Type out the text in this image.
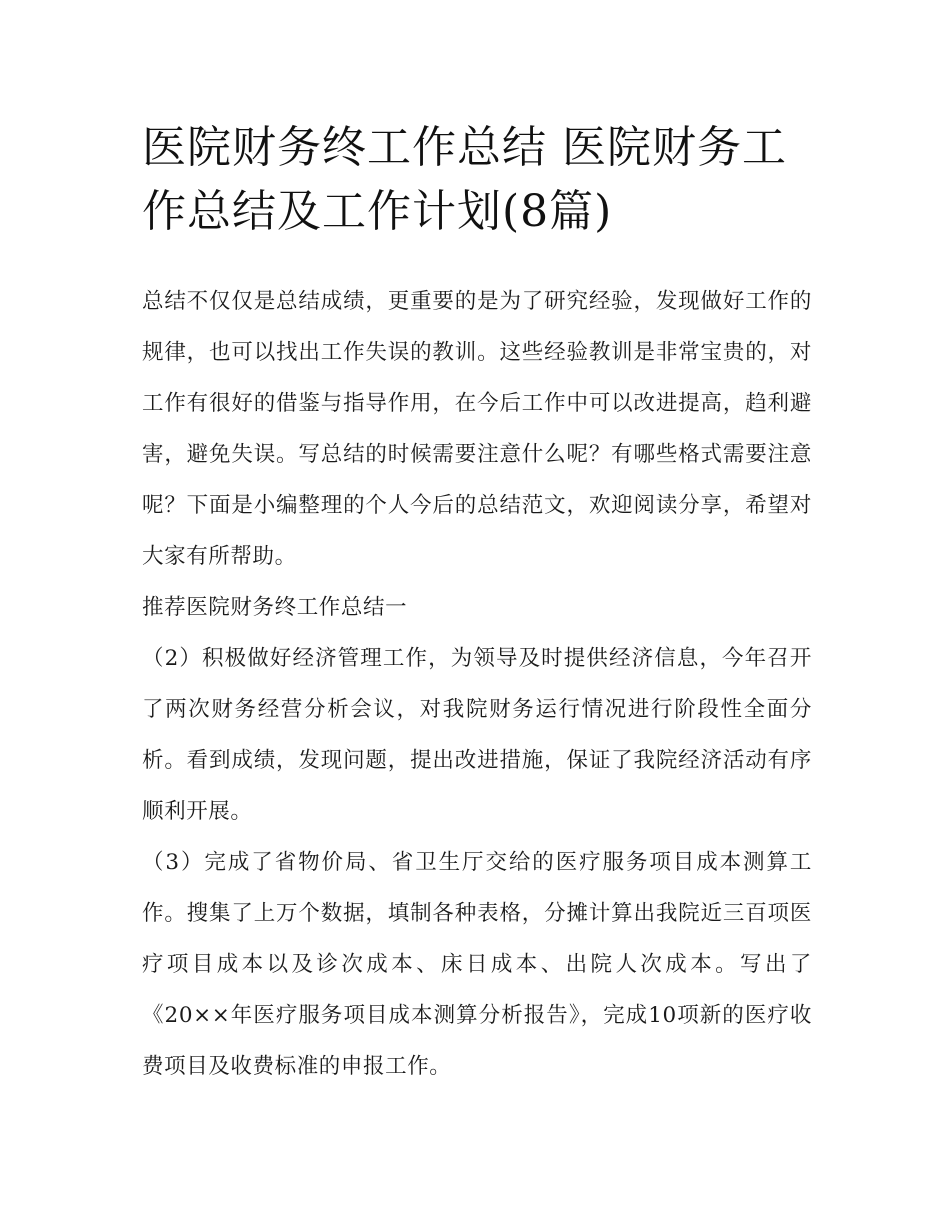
医院财务终工作总结 医院财务工作总结及工作计划(8篇)

总结不仅仅是总结成绩，更重要的是为了研究经验，发现做好工作的规律，也可以找出工作失误的教训。这些经验教训是非常宝贵的，对工作有很好的借鉴与指导作用，在今后工作中可以改进提高，趋利避害，避免失误。写总结的时候需要注意什么呢？有哪些格式需要注意呢？下面是小编整理的个人今后的总结范文，欢迎阅读分享，希望对大家有所帮助。

推荐医院财务终工作总结一

（2）积极做好经济管理工作，为领导及时提供经济信息，今年召开了两次财务经营分析会议，对我院财务运行情况进行阶段性全面分析。看到成绩，发现问题，提出改进措施，保证了我院经济活动有序顺利开展。

（3）完成了省物价局、省卫生厅交给的医疗服务项目成本测算工作。搜集了上万个数据，填制各种表格，分摊计算出我院近三百项医疗项目成本以及诊次成本、床日成本、出院人次成本。写出了《20××年医疗服务项目成本测算分析报告》，完成10项新的医疗收费项目及收费标准的申报工作。
